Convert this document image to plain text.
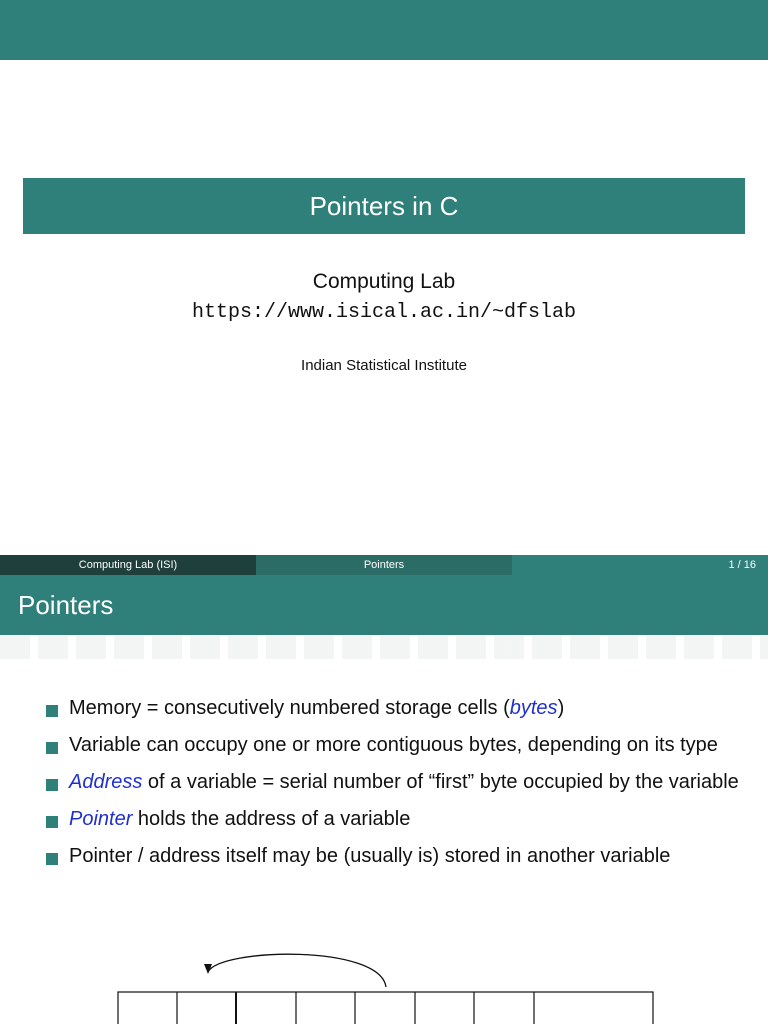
Pointers in C
Computing Lab
https://www.isical.ac.in/~dfslab
Indian Statistical Institute
Computing Lab (ISI)	Pointers	1 / 16
Pointers
Memory = consecutively numbered storage cells (bytes)
Variable can occupy one or more contiguous bytes, depending on its type
Address of a variable = serial number of “first” byte occupied by the variable
Pointer holds the address of a variable
Pointer / address itself may be (usually is) stored in another variable
